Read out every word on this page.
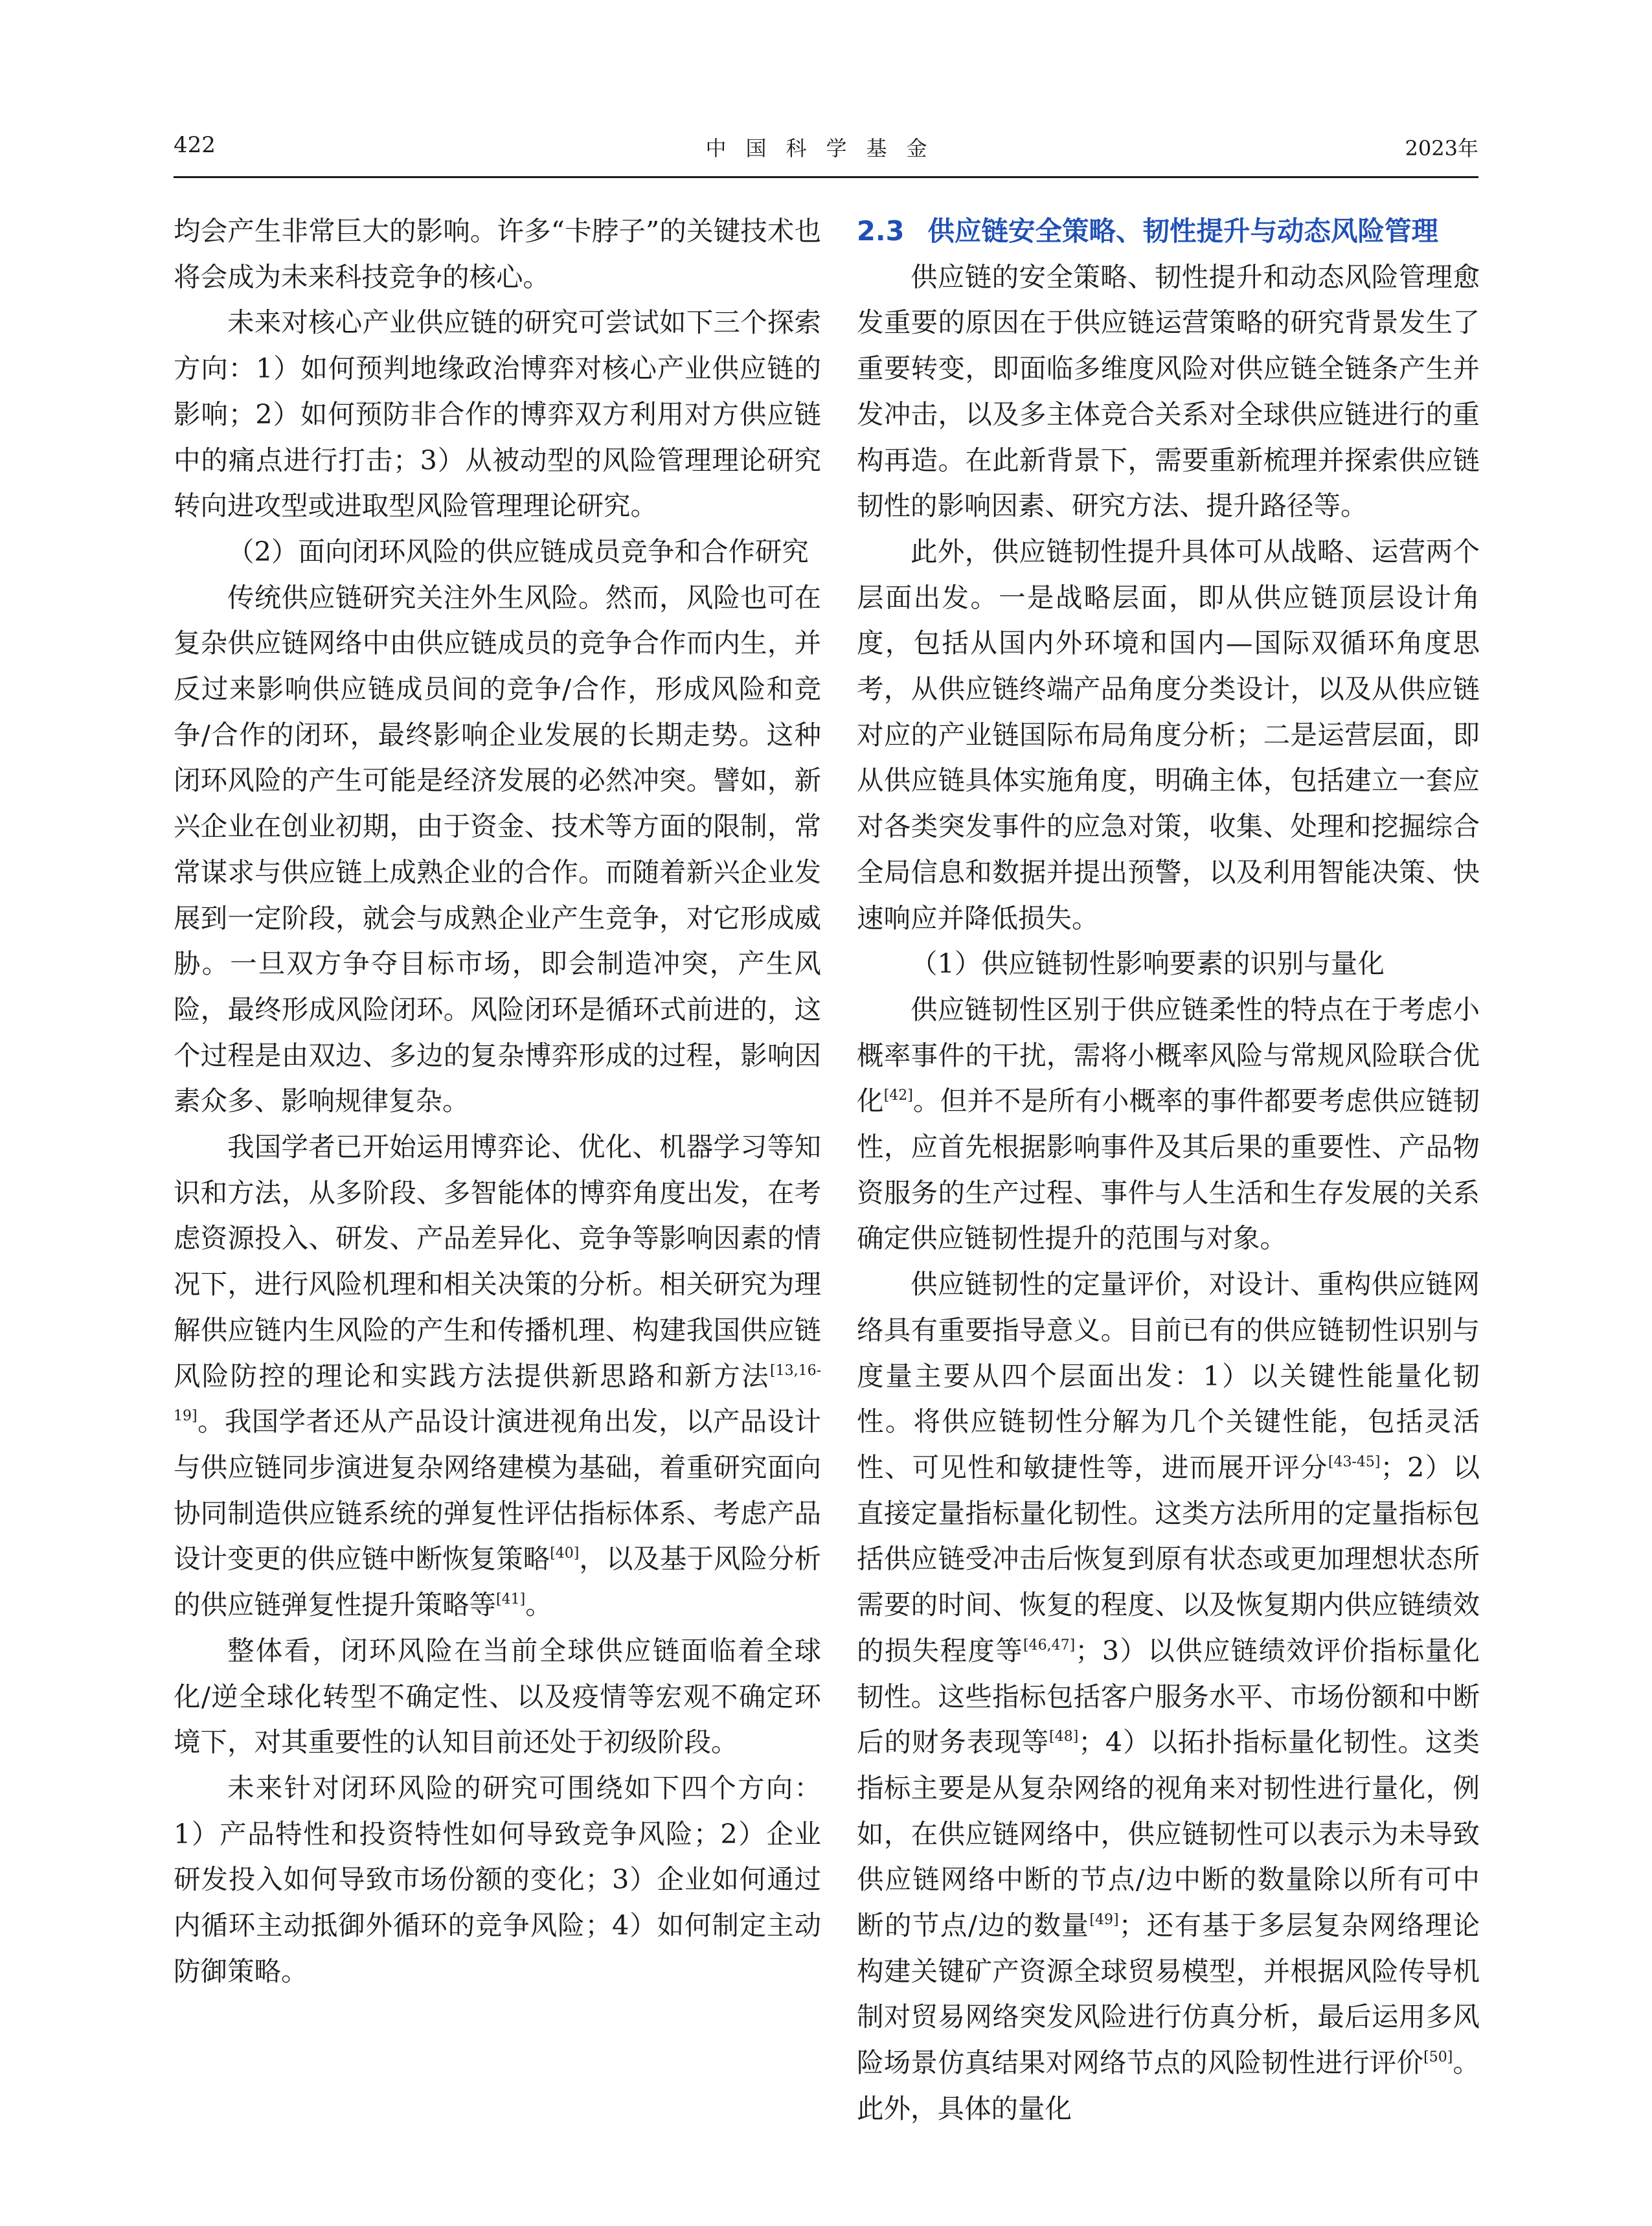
422	中国科学基金	2023年

均会产生非常巨大的影响。许多“卡脖子”的关键技术也将会成为未来科技竞争的核心。

未来对核心产业供应链的研究可尝试如下三个探索方向：1）如何预判地缘政治博弈对核心产业供应链的影响；2）如何预防非合作的博弈双方利用对方供应链中的痛点进行打击；3）从被动型的风险管理理论研究转向进攻型或进取型风险管理理论研究。

（2）面向闭环风险的供应链成员竞争和合作研究

传统供应链研究关注外生风险。然而，风险也可在复杂供应链网络中由供应链成员的竞争合作而内生，并反过来影响供应链成员间的竞争/合作，形成风险和竞争/合作的闭环，最终影响企业发展的长期走势。这种闭环风险的产生可能是经济发展的必然冲突。譬如，新兴企业在创业初期，由于资金、技术等方面的限制，常常谋求与供应链上成熟企业的合作。而随着新兴企业发展到一定阶段，就会与成熟企业产生竞争，对它形成威胁。一旦双方争夺目标市场，即会制造冲突，产生风险，最终形成风险闭环。风险闭环是循环式前进的，这个过程是由双边、多边的复杂博弈形成的过程，影响因素众多、影响规律复杂。

我国学者已开始运用博弈论、优化、机器学习等知识和方法，从多阶段、多智能体的博弈角度出发，在考虑资源投入、研发、产品差异化、竞争等影响因素的情况下，进行风险机理和相关决策的分析。相关研究为理解供应链内生风险的产生和传播机理、构建我国供应链风险防控的理论和实践方法提供新思路和新方法[13,16-19]。我国学者还从产品设计演进视角出发，以产品设计与供应链同步演进复杂网络建模为基础，着重研究面向协同制造供应链系统的弹复性评估指标体系、考虑产品设计变更的供应链中断恢复策略[40]，以及基于风险分析的供应链弹复性提升策略等[41]。

整体看，闭环风险在当前全球供应链面临着全球化/逆全球化转型不确定性、以及疫情等宏观不确定环境下，对其重要性的认知目前还处于初级阶段。

未来针对闭环风险的研究可围绕如下四个方向：1）产品特性和投资特性如何导致竞争风险；2）企业研发投入如何导致市场份额的变化；3）企业如何通过内循环主动抵御外循环的竞争风险；4）如何制定主动防御策略。

2.3 供应链安全策略、韧性提升与动态风险管理

供应链的安全策略、韧性提升和动态风险管理愈发重要的原因在于供应链运营策略的研究背景发生了重要转变，即面临多维度风险对供应链全链条产生并发冲击，以及多主体竞合关系对全球供应链进行的重构再造。在此新背景下，需要重新梳理并探索供应链韧性的影响因素、研究方法、提升路径等。

此外，供应链韧性提升具体可从战略、运营两个层面出发。一是战略层面，即从供应链顶层设计角度，包括从国内外环境和国内—国际双循环角度思考，从供应链终端产品角度分类设计，以及从供应链对应的产业链国际布局角度分析；二是运营层面，即从供应链具体实施角度，明确主体，包括建立一套应对各类突发事件的应急对策，收集、处理和挖掘综合全局信息和数据并提出预警，以及利用智能决策、快速响应并降低损失。

（1）供应链韧性影响要素的识别与量化

供应链韧性区别于供应链柔性的特点在于考虑小概率事件的干扰，需将小概率风险与常规风险联合优化[42]。但并不是所有小概率的事件都要考虑供应链韧性，应首先根据影响事件及其后果的重要性、产品物资服务的生产过程、事件与人生活和生存发展的关系确定供应链韧性提升的范围与对象。

供应链韧性的定量评价，对设计、重构供应链网络具有重要指导意义。目前已有的供应链韧性识别与度量主要从四个层面出发：1）以关键性能量化韧性。将供应链韧性分解为几个关键性能，包括灵活性、可见性和敏捷性等，进而展开评分[43-45]；2）以直接定量指标量化韧性。这类方法所用的定量指标包括供应链受冲击后恢复到原有状态或更加理想状态所需要的时间、恢复的程度、以及恢复期内供应链绩效的损失程度等[46,47]；3）以供应链绩效评价指标量化韧性。这些指标包括客户服务水平、市场份额和中断后的财务表现等[48]；4）以拓扑指标量化韧性。这类指标主要是从复杂网络的视角来对韧性进行量化，例如，在供应链网络中，供应链韧性可以表示为未导致供应链网络中断的节点/边中断的数量除以所有可中断的节点/边的数量[49]；还有基于多层复杂网络理论构建关键矿产资源全球贸易模型，并根据风险传导机制对贸易网络突发风险进行仿真分析，最后运用多风险场景仿真结果对网络节点的风险韧性进行评价[50]。此外，具体的量化
